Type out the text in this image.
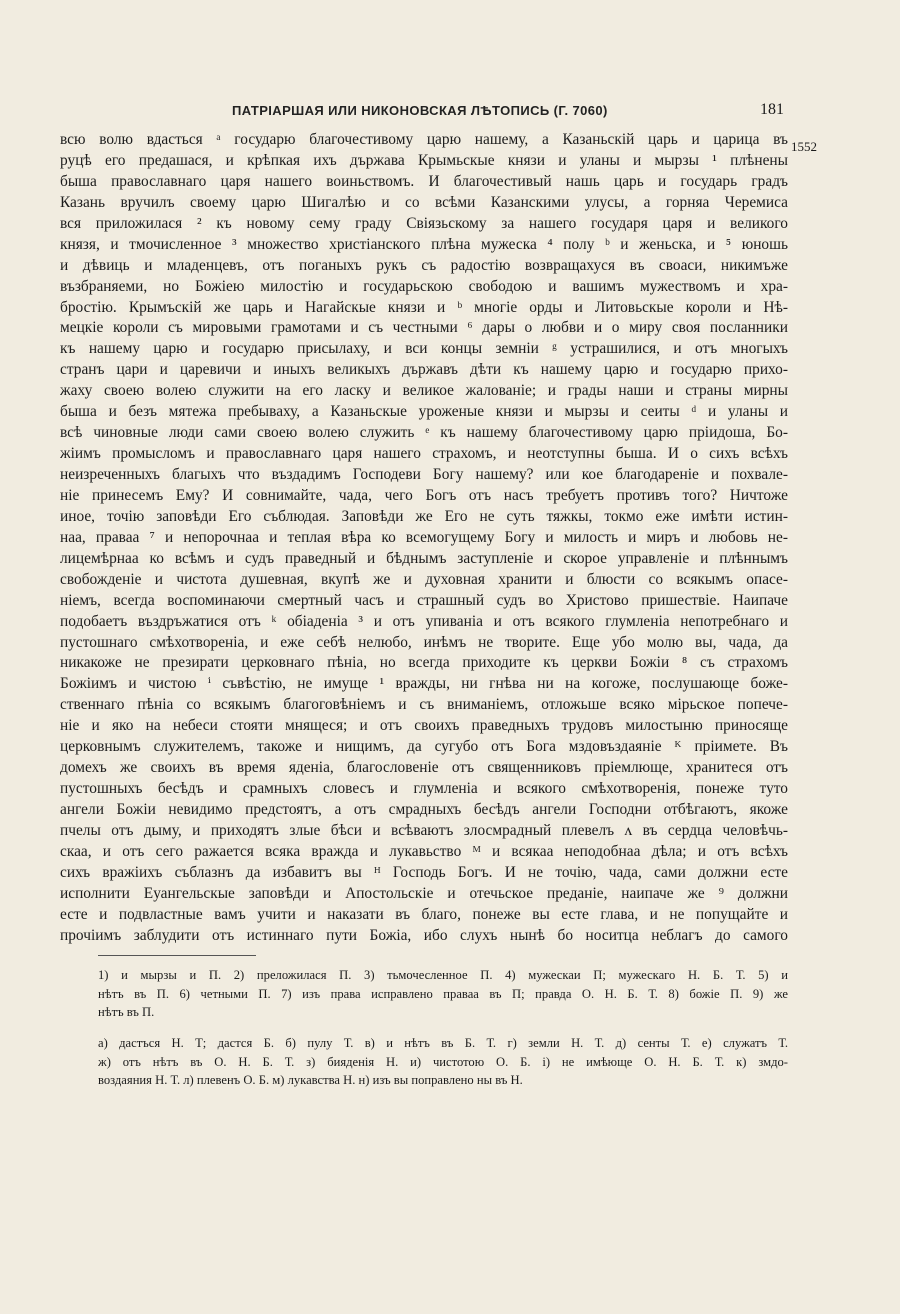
ПАТРІАРШАЯ ИЛИ НИКОНОВСКАЯ ЛѢТОПИСЬ (Г. 7060)	181
1552
всю волю вдасться ᵃ государю благочестивому царю нашему, а Казаньскій царь и царица въ
руцѣ его предашася, и крѣпкая ихъ държава Крымьскые князи и уланы и мырзы ¹ плѣнены
быша православнаго царя нашего воиньствомъ. И благочестивый нашь царь и государь градъ
Казань вручилъ своему царю Шигалѣю и со всѣми Казанскими улусы, а горняа Черемиса
вся приложилася ² къ новому сему граду Свіязьскому за нашего государя царя и великого
князя, и тмочисленное ³ множество христіанского плѣна мужеска ⁴ полу ᵇ и женьска, и ⁵ юношь
и дѣвиць и младенцевъ, отъ поганыхъ рукъ съ радостію возвращахуся въ своаси, никимъже
възбраняеми, но Божіею милостію и государьскою свободою и вашимъ мужествомъ и хра-
бростію. Крымъскій же царь и Нагайскые князи и ᵇ многіе орды и Литовьскые короли и Нѣ-
мецкіе короли съ мировыми грамотами и съ честными ⁶ дары о любви и о миру своя посланники
къ нашему царю и государю присылаху, и вси концы земніи ᵍ устрашилися, и отъ многыхъ
странъ цари и царевичи и иныхъ великыхъ държавъ дѣти къ нашему царю и государю прихо-
жаху своею волею служити на его ласку и великое жалованіе; и грады наши и страны мирны
быша и безъ мятежа пребываху, а Казаньскые уроженые князи и мырзы и сеиты ᵈ и уланы и
всѣ чиновные люди сами своею волею служить ᵉ къ нашему благочестивому царю пріидоша, Бо-
жіимъ промысломъ и православнаго царя нашего страхомъ, и неотступны быша. И о сихъ всѣхъ
неизреченныхъ благыхъ что въздадимъ Господеви Богу нашему? или кое благодареніе и похвале-
ніе принесемъ Ему? И совнимайте, чада, чего Богъ отъ насъ требуетъ противъ того? Ничтоже
иное, точію заповѣди Его съблюдая. Заповѣди же Его не суть тяжкы, токмо еже имѣти истин-
наа, праваа ⁷ и непорочнаа и теплая вѣра ко всемогущему Богу и милость и миръ и любовь не-
лицемѣрнаа ко всѣмъ и судъ праведный и бѣднымъ заступленіе и скорое управленіе и плѣннымъ
свобожденіе и чистота душевная, вкупѣ же и духовная хранити и блюсти со всякымъ опасе-
ніемъ, всегда воспоминаючи смертный часъ и страшный судъ во Христово пришествіе. Наипаче
подобаетъ въздръжатися отъ ᵏ обіаденіа ³ и отъ упиваніа и отъ всякого глумленіа непотребнаго и
пустошнаго смѣхотвореніа, и еже себѣ нелюбо, инѣмъ не творите. Еще убо молю вы, чада, да
никакоже не презирати церковнаго пѣніа, но всегда приходите къ церкви Божіи ⁸ съ страхомъ
Божіимъ и чистою ⁱ съвѣстію, не имуще ¹ вражды, ни гнѣва ни на когоже, послушающе боже-
ственнаго пѣніа со всякымъ благоговѣніемъ и съ вниманіемъ, отложьше всяко мірьское попече-
ніе и яко на небеси стояти мнящеся; и отъ своихъ праведныхъ трудовъ милостыню приносяще
церковнымъ служителемъ, такоже и нищимъ, да сугубо отъ Бога мздовъздаяніе ᴷ пріимете. Въ
домехъ же своихъ въ время яденіа, благословеніе отъ священниковъ пріемлюще, хранитеся отъ
пустошныхъ бесѣдъ и срамныхъ словесъ и глумленіа и всякого смѣхотворенія, понеже туто
ангели Божіи невидимо предстоятъ, а отъ смрадныхъ бесѣдъ ангели Господни отбѣгаютъ, якоже
пчелы отъ дыму, и приходятъ злые бѣси и всѣваютъ злосмрадный плевелъ ᴧ въ сердца человѣчь-
скаа, и отъ сего ражается всяка вражда и лукавьство ᴹ и всякаа неподобнаа дѣла; и отъ всѣхъ
сихъ вражіихъ съблазнъ да избавитъ вы ᴴ Господь Богъ. И не точію, чада, сами должни есте
исполнити Еуангельскые заповѣди и Апостольскіе и отечьское преданіе, наипаче же ⁹ должни
есте и подвластные вамъ учити и наказати въ благо, понеже вы есте глава, и не попущайте и
прочіимъ заблудити отъ истиннаго пути Божіа, ибо слухъ нынѣ бо носитца неблагъ до самого
1) и мырзы и П. 2) преложилася П. 3) тьмочесленное П. 4) мужескаи П; мужескаго Н. Б. Т. 5) и
нѣтъ въ П. 6) четными П. 7) изъ права исправлено праваа въ П; правда О. Н. Б. Т. 8) божіе П. 9) же
нѣтъ въ П.
а) дастъся Н. Т; дастся Б. б) пулу Т. в) и нѣтъ въ Б. Т. г) земли Н. Т. д) сенты Т. е) служатъ Т.
ж) отъ нѣтъ въ О. Н. Б. Т. з) бияденія Н. и) чистотою О. Б. і) не имѣюще О. Н. Б. Т. к) змдо-
воздаяния Н. Т. л) плевенъ О. Б. м) лукавства Н. н) изъ вы поправлено ны въ Н.
